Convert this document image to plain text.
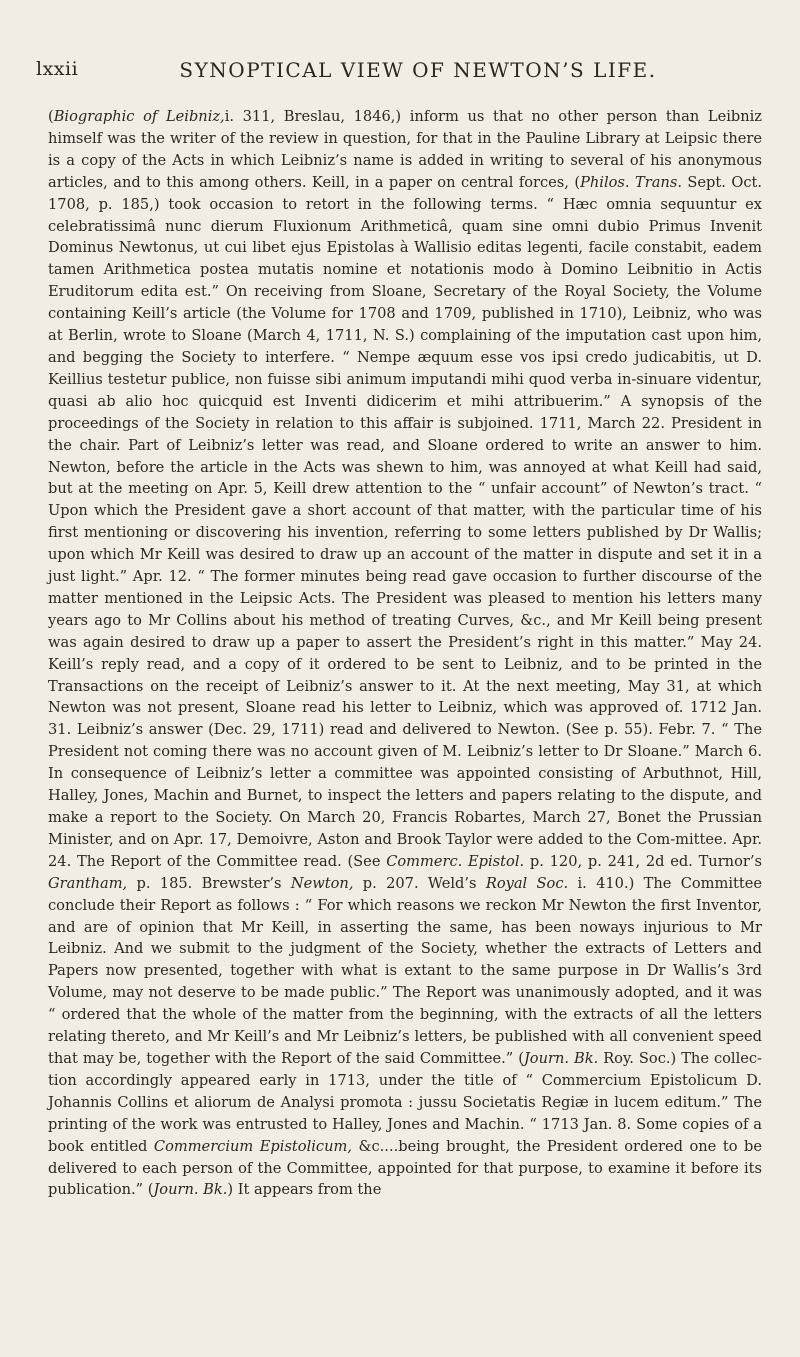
lxxii	SYNOPTICAL VIEW OF NEWTON’S LIFE.

(Biographic of Leibniz,i. 311, Breslau, 1846,) inform us that no other person than Leibniz himself was the writer of the review in question, for that in the Pauline Library at Leipsic there is a copy of the Acts in which Leibniz’s name is added in writing to several of his anonymous articles, and to this among others. Keill, in a paper on central forces, (Philos. Trans. Sept. Oct. 1708, p. 185,) took occasion to retort in the following terms. “ Hæc omnia sequuntur ex celebratissimâ nunc dierum Fluxionum Arithmeticâ, quam sine omni dubio Primus Invenit Dominus Newtonus, ut cui libet ejus Epistolas à Wallisio editas legenti, facile constabit, eadem tamen Arithmetica postea mutatis nomine et notationis modo à Domino Leibnitio in Actis Eruditorum edita est.” On receiving from Sloane, Secretary of the Royal Society, the Volume containing Keill’s article (the Volume for 1708 and 1709, published in 1710), Leibniz, who was at Berlin, wrote to Sloane (March 4, 1711, N. S.) complaining of the imputation cast upon him, and begging the Society to interfere. “ Nempe æquum esse vos ipsi credo judicabitis, ut D. Keillius testetur publice, non fuisse sibi animum imputandi mihi quod verba in-sinuare videntur, quasi ab alio hoc quicquid est Inventi didicerim et mihi attribuerim.” A synopsis of the proceedings of the Society in relation to this affair is subjoined. 1711, March 22. President in the chair. Part of Leibniz’s letter was read, and Sloane ordered to write an answer to him. Newton, before the article in the Acts was shewn to him, was annoyed at what Keill had said, but at the meeting on Apr. 5, Keill drew attention to the “ unfair account” of Newton’s tract. “ Upon which the President gave a short account of that matter, with the particular time of his first mentioning or discovering his invention, referring to some letters published by Dr Wallis; upon which Mr Keill was desired to draw up an account of the matter in dispute and set it in a just light.” Apr. 12. “ The former minutes being read gave occasion to further discourse of the matter mentioned in the Leipsic Acts. The President was pleased to mention his letters many years ago to Mr Collins about his method of treating Curves, &c., and Mr Keill being present was again desired to draw up a paper to assert the President’s right in this matter.” May 24. Keill’s reply read, and a copy of it ordered to be sent to Leibniz, and to be printed in the Transactions on the receipt of Leibniz’s answer to it. At the next meeting, May 31, at which Newton was not present, Sloane read his letter to Leibniz, which was approved of. 1712 Jan. 31. Leibniz’s answer (Dec. 29, 1711) read and delivered to Newton. (See p. 55). Febr. 7. “ The President not coming there was no account given of M. Leibniz’s letter to Dr Sloane.” March 6. In consequence of Leibniz’s letter a committee was appointed consisting of Arbuthnot, Hill, Halley, Jones, Machin and Burnet, to inspect the letters and papers relating to the dispute, and make a report to the Society. On March 20, Francis Robartes, March 27, Bonet the Prussian Minister, and on Apr. 17, Demoivre, Aston and Brook Taylor were added to the Com-mittee. Apr. 24. The Report of the Committee read. (See Commerc. Epistol. p. 120, p. 241, 2d ed. Turnor’s Grantham, p. 185. Brewster’s Newton, p. 207. Weld’s Royal Soc. i. 410.) The Committee conclude their Report as follows : “ For which reasons we reckon Mr Newton the first Inventor, and are of opinion that Mr Keill, in asserting the same, has been noways injurious to Mr Leibniz. And we submit to the judgment of the Society, whether the extracts of Letters and Papers now presented, together with what is extant to the same purpose in Dr Wallis’s 3rd Volume, may not deserve to be made public.” The Report was unanimously adopted, and it was “ ordered that the whole of the matter from the beginning, with the extracts of all the letters relating thereto, and Mr Keill’s and Mr Leibniz’s letters, be published with all convenient speed that may be, together with the Report of the said Committee.” (Journ. Bk. Roy. Soc.) The collec-tion accordingly appeared early in 1713, under the title of “ Commercium Epistolicum D. Johannis Collins et aliorum de Analysi promota : jussu Societatis Regiæ in lucem editum.” The printing of the work was entrusted to Halley, Jones and Machin. “ 1713 Jan. 8. Some copies of a book entitled Commercium Epistolicum, &c....being brought, the President ordered one to be delivered to each person of the Committee, appointed for that purpose, to examine it before its publication.” (Journ. Bk.) It appears from the
